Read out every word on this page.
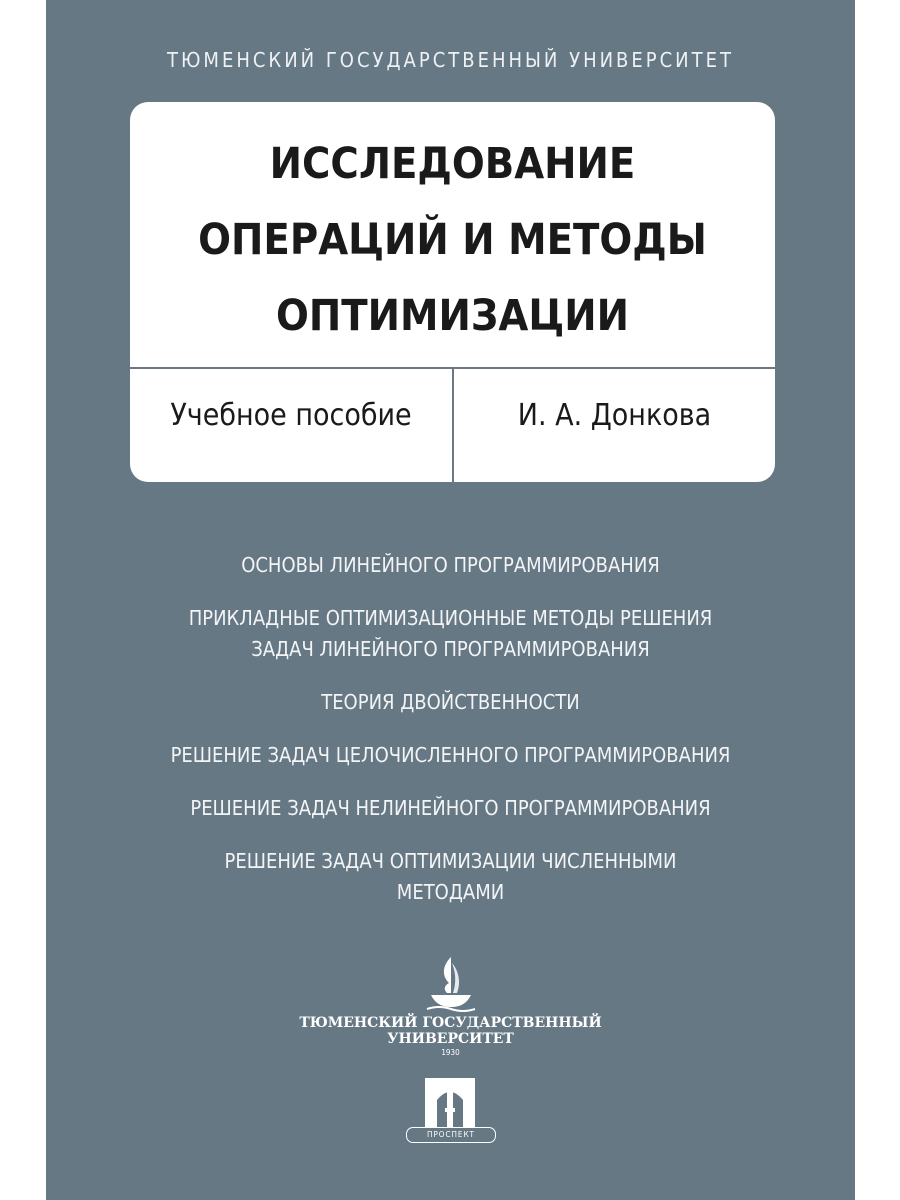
ТЮМЕНСКИЙ ГОСУДАРСТВЕННЫЙ УНИВЕРСИТЕТ
ИССЛЕДОВАНИЕ
ОПЕРАЦИЙ И МЕТОДЫ
ОПТИМИЗАЦИИ
Учебное пособие	И. А. Донкова
ОСНОВЫ ЛИНЕЙНОГО ПРОГРАММИРОВАНИЯ
ПРИКЛАДНЫЕ ОПТИМИЗАЦИОННЫЕ МЕТОДЫ РЕШЕНИЯ
ЗАДАЧ ЛИНЕЙНОГО ПРОГРАММИРОВАНИЯ
ТЕОРИЯ ДВОЙСТВЕННОСТИ
РЕШЕНИЕ ЗАДАЧ ЦЕЛОЧИСЛЕННОГО ПРОГРАММИРОВАНИЯ
РЕШЕНИЕ ЗАДАЧ НЕЛИНЕЙНОГО ПРОГРАММИРОВАНИЯ
РЕШЕНИЕ ЗАДАЧ ОПТИМИЗАЦИИ ЧИСЛЕННЫМИ
МЕТОДАМИ
ТЮМЕНСКИЙ ГОСУДАРСТВЕННЫЙ
УНИВЕРСИТЕТ
1930
ПРОСПЕКТ
